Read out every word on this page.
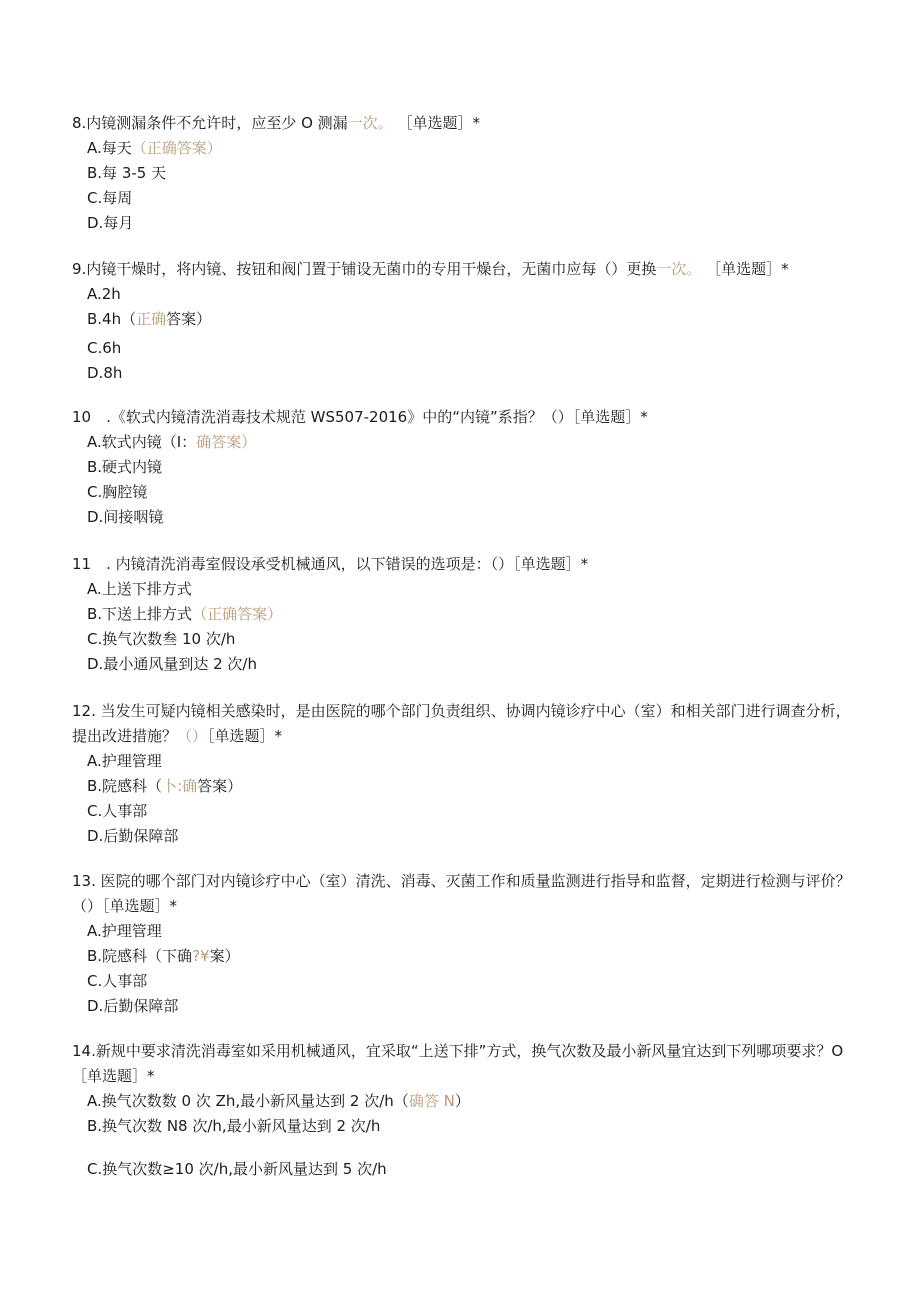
8.内镜测漏条件不允许时，应至少 O 测漏一次。 ［单选题］*

A.每天（正确答案）

B.每 3-5 天

C.每周

D.每月

9.内镜干燥时，将内镜、按钮和阀门置于铺设无菌巾的专用干燥台，无菌巾应每（）更换一次。 ［单选题］*

A.2h

B.4h（正确答案）

C.6h

D.8h

10　.《软式内镜清洗消毒技术规范 WS507-2016》中的“内镜”系指？（）［单选题］*

A.软式内镜（I：确答案）

B.硬式内镜

C.胸腔镜

D.间接咽镜

11　. 内镜清洗消毒室假设承受机械通风，以下错误的选项是：（）［单选题］*

A.上送下排方式

B.下送上排方式（正确答案）

C.换气次数叁 10 次/h

D.最小通风量到达 2 次/h

12. 当发生可疑内镜相关感染时，是由医院的哪个部门负责组织、协调内镜诊疗中心（室）和相关部门进行调查分析，提出改进措施？（）［单选题］*

A.护理管理

B.院感科（卜:确答案）

C.人事部

D.后勤保障部

13. 医院的哪个部门对内镜诊疗中心（室）清洗、消毒、灭菌工作和质量监测进行指导和监督，定期进行检测与评价？（）［单选题］*

A.护理管理

B.院感科（下确?¥案）

C.人事部

D.后勤保障部

14.新规中要求清洗消毒室如采用机械通风，宜采取“上送下排”方式，换气次数及最小新风量宜达到下列哪项要求？O［单选题］*

A.换气次数数 0 次 Zh,最小新风量达到 2 次/h（确答 N）

B.换气次数 N8 次/h,最小新风量达到 2 次/h

C.换气次数≥10 次/h,最小新风量达到 5 次/h
